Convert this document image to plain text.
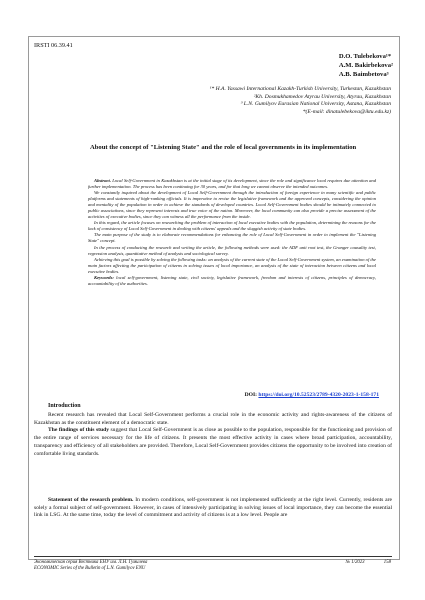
IRSTI 06.39.41
D.O. Tulebekova¹*
A.M. Bakirbekova²
A.B. Baimbetova³
¹* H.A. Yassawi International Kazakh-Turkish University, Turkestan, Kazakhstan
²Kh. Dosmukhamedov Atyrau University, Atyrau, Kazakhstan
³ L.N. Gumilyov Eurasian National University, Astana, Kazakhstan
*(E-mail: dinatulebekova@iktu.edu.kz)
About the concept of "Listening State" and the role of local governments in its implementation

Abstract. Local Self-Government in Kazakhstan is at the initial stage of its development, since the role and significance local requires due attention and further implementation. The process has been continuing for 30 years, and for that long we cannot observe the intended outcomes.

We constantly inquired about the development of Local Self-Government through the introduction of foreign experience in many scientific and public platforms and statements of high-ranking officials. It is imperative to revise the legislative framework and the approved concepts, considering the opinion and mentality of the population in order to achieve the standards of developed countries. Local Self-Government bodies should be intimately connected to public associations, since they represent interests and true voice of the nation. Moreover, the local community can also provide a precise assessment of the activities of executive bodies, since they can witness all the performance from the inside.

In this regard, the article focuses on researching the problem of interaction of local executive bodies with the population, determining the reasons for the lack of consistency of Local Self-Government in dealing with citizens' appeals and the sluggish activity of state bodies.

The main purpose of the study is to elaborate recommendations for enhancing the role of Local Self-Government in order to implement the "Listening State" concept.

In the process of conducting the research and writing the article, the following methods were used: the ADF unit root test, the Granger causality test, regression analysis, quantitative method of analysis and sociological survey.

Achieving this goal is possible by solving the following tasks: an analysis of the current state of the Local Self-Government system, an examination of the main factors affecting the participation of citizens in solving issues of local importance, an analysis of the state of interaction between citizens and local executive bodies.

Keywords: local self-government, listening state, civil society, legislative framework, freedom and interests of citizens, principles of democracy, accountability of the authorities.

DOI: https://doi.org/10.52523/2789-4320-2023-1-158-171
Introduction

Recent research has revealed that Local Self-Government performs a crucial role in the economic activity and rights-awareness of the citizens of Kazakhstan as the constituent element of a democratic state.

The findings of this study suggest that Local Self-Government is as close as possible to the population, responsible for the functioning and provision of the entire range of services necessary for the life of citizens. It presents the most effective activity in cases where broad participation, accountability, transparency and efficiency of all stakeholders are provided. Therefore, Local Self-Government provides citizens the opportunity to be involved into creation of comfortable living standards.

Statement of the research problem. In modern conditions, self-government is not implemented sufficiently at the right level. Currently, residents are solely a formal subject of self-government. However, in cases of intensively participating in solving issues of local importance, they can become the essential link in LSG. At the same time, today the level of commitment and activity of citizens is at a low level. People are

Экономическая серия Вестника ЕНУ им. Л.Н. Гумилева
ECONOMIC Series of the Bulletin of L.N. Gumilyov ENU
№ 1/2023	158
